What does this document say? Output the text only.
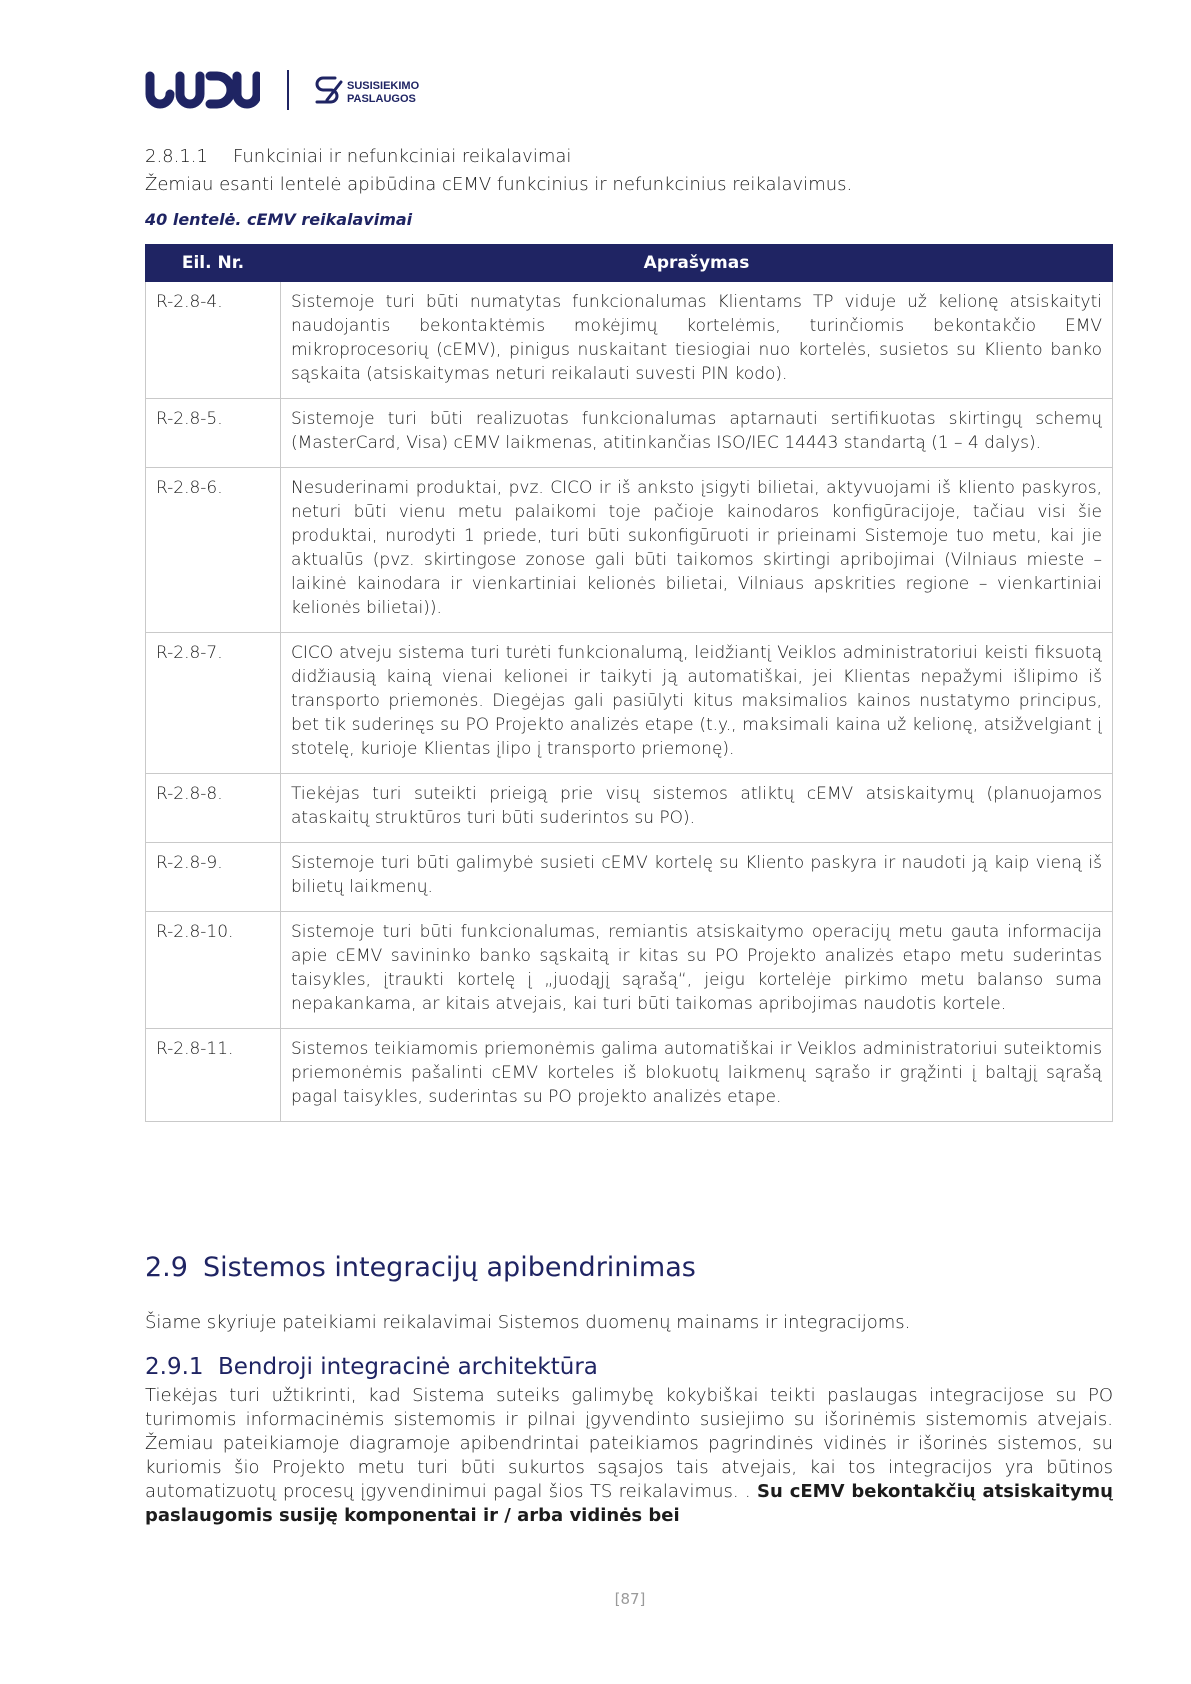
SUSISIEKIMO
PASLAUGOS
2.8.1.1 Funkciniai ir nefunkciniai reikalavimai
Žemiau esanti lentelė apibūdina cEMV funkcinius ir nefunkcinius reikalavimus.
40 lentelė. cEMV reikalavimai
Eil. Nr.	Aprašymas
R-2.8-4.	Sistemoje turi būti numatytas funkcionalumas Klientams TP viduje už kelionę atsiskaityti naudojantis bekontaktėmis mokėjimų kortelėmis, turinčiomis bekontakčio EMV mikroprocesorių (cEMV), pinigus nuskaitant tiesiogiai nuo kortelės, susietos su Kliento banko sąskaita (atsiskaitymas neturi reikalauti suvesti PIN kodo).
R-2.8-5.	Sistemoje turi būti realizuotas funkcionalumas aptarnauti sertifikuotas skirtingų schemų (MasterCard, Visa) cEMV laikmenas, atitinkančias ISO/IEC 14443 standartą (1 – 4 dalys).
R-2.8-6.	Nesuderinami produktai, pvz. CICO ir iš anksto įsigyti bilietai, aktyvuojami iš kliento paskyros, neturi būti vienu metu palaikomi toje pačioje kainodaros konfigūracijoje, tačiau visi šie produktai, nurodyti 1 priede, turi būti sukonfigūruoti ir prieinami Sistemoje tuo metu, kai jie aktualūs (pvz. skirtingose zonose gali būti taikomos skirtingi apribojimai (Vilniaus mieste – laikinė kainodara ir vienkartiniai kelionės bilietai, Vilniaus apskrities regione – vienkartiniai kelionės bilietai)).
R-2.8-7.	CICO atveju sistema turi turėti funkcionalumą, leidžiantį Veiklos administratoriui keisti fiksuotą didžiausią kainą vienai kelionei ir taikyti ją automatiškai, jei Klientas nepažymi išlipimo iš transporto priemonės. Diegėjas gali pasiūlyti kitus maksimalios kainos nustatymo principus, bet tik suderinęs su PO Projekto analizės etape (t.y., maksimali kaina už kelionę, atsižvelgiant į stotelę, kurioje Klientas įlipo į transporto priemonę).
R-2.8-8.	Tiekėjas turi suteikti prieigą prie visų sistemos atliktų cEMV atsiskaitymų (planuojamos ataskaitų struktūros turi būti suderintos su PO).
R-2.8-9.	Sistemoje turi būti galimybė susieti cEMV kortelę su Kliento paskyra ir naudoti ją kaip vieną iš bilietų laikmenų.
R-2.8-10.	Sistemoje turi būti funkcionalumas, remiantis atsiskaitymo operacijų metu gauta informacija apie cEMV savininko banko sąskaitą ir kitas su PO Projekto analizės etapo metu suderintas taisykles, įtraukti kortelę į „juodąjį sąrašą“, jeigu kortelėje pirkimo metu balanso suma nepakankama, ar kitais atvejais, kai turi būti taikomas apribojimas naudotis kortele.
R-2.8-11.	Sistemos teikiamomis priemonėmis galima automatiškai ir Veiklos administratoriui suteiktomis priemonėmis pašalinti cEMV korteles iš blokuotų laikmenų sąrašo ir grąžinti į baltąjį sąrašą pagal taisykles, suderintas su PO projekto analizės etape.
2.9 Sistemos integracijų apibendrinimas
Šiame skyriuje pateikiami reikalavimai Sistemos duomenų mainams ir integracijoms.
2.9.1 Bendroji integracinė architektūra
Tiekėjas turi užtikrinti, kad Sistema suteiks galimybę kokybiškai teikti paslaugas integracijose su PO turimomis informacinėmis sistemomis ir pilnai įgyvendinto susiejimo su išorinėmis sistemomis atvejais. Žemiau pateikiamoje diagramoje apibendrintai pateikiamos pagrindinės vidinės ir išorinės sistemos, su kuriomis šio Projekto metu turi būti sukurtos sąsajos tais atvejais, kai tos integracijos yra būtinos automatizuotų procesų įgyvendinimui pagal šios TS reikalavimus. . Su cEMV bekontakčių atsiskaitymų paslaugomis susiję komponentai ir / arba vidinės bei
[87]
